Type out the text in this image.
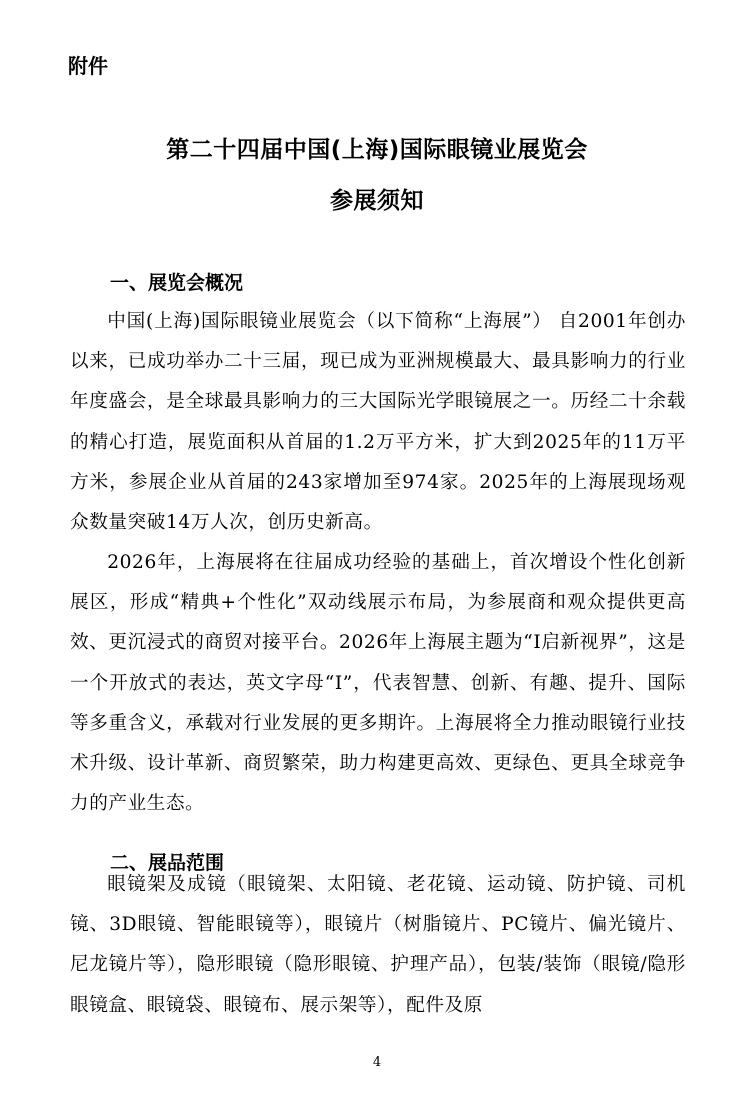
附件

第二十四届中国(上海)国际眼镜业展览会
参展须知
一、展览会概况

中国(上海)国际眼镜业展览会（以下简称“上海展”） 自2001年创办以来，已成功举办二十三届，现已成为亚洲规模最大、最具影响力的行业年度盛会，是全球最具影响力的三大国际光学眼镜展之一。历经二十余载的精心打造，展览面积从首届的1.2万平方米，扩大到2025年的11万平方米，参展企业从首届的243家增加至974家。2025年的上海展现场观众数量突破14万人次，创历史新高。

2026年，上海展将在往届成功经验的基础上，首次增设个性化创新展区，形成“精典+个性化”双动线展示布局，为参展商和观众提供更高效、更沉浸式的商贸对接平台。2026年上海展主题为“I启新视界”，这是一个开放式的表达，英文字母“I”，代表智慧、创新、有趣、提升、国际等多重含义，承载对行业发展的更多期许。上海展将全力推动眼镜行业技术升级、设计革新、商贸繁荣，助力构建更高效、更绿色、更具全球竞争力的产业生态。

二、展品范围

眼镜架及成镜（眼镜架、太阳镜、老花镜、运动镜、防护镜、司机镜、3D眼镜、智能眼镜等），眼镜片（树脂镜片、PC镜片、偏光镜片、尼龙镜片等），隐形眼镜（隐形眼镜、护理产品），包装/装饰（眼镜/隐形眼镜盒、眼镜袋、眼镜布、展示架等），配件及原

4
